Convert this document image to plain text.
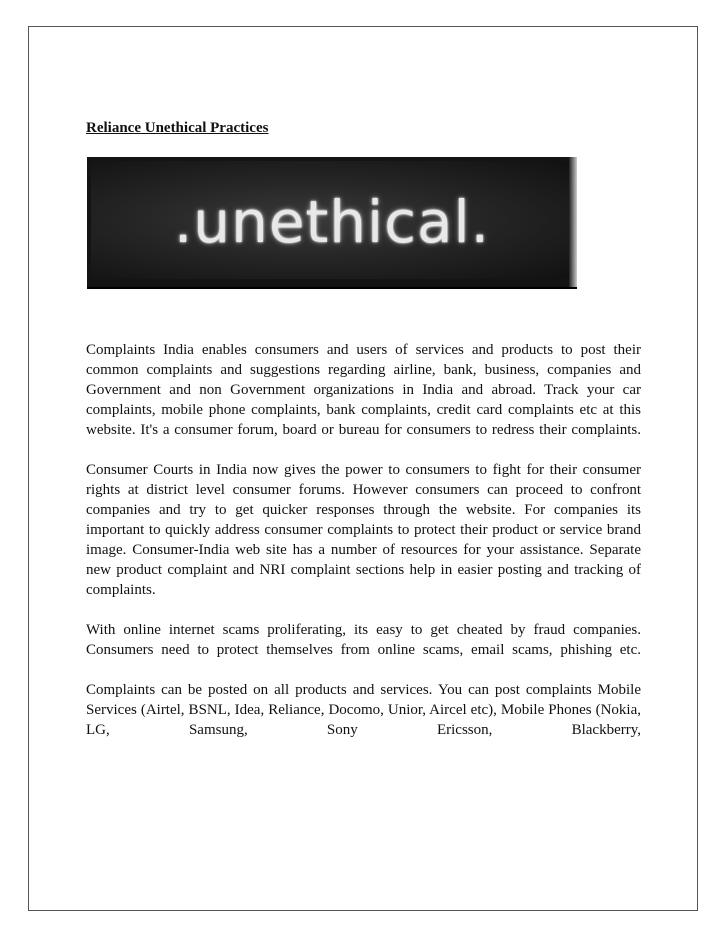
Reliance Unethical Practices
.unethical.

Complaints India enables consumers and users of services and products to post their common complaints and suggestions regarding airline, bank, business, companies and Government and non Government organizations in India and abroad. Track your car complaints, mobile phone complaints, bank complaints, credit card complaints etc at this website. It's a consumer forum, board or bureau for consumers to redress their complaints.

Consumer Courts in India now gives the power to consumers to fight for their consumer rights at district level consumer forums. However consumers can proceed to confront companies and try to get quicker responses through the website. For companies its important to quickly address consumer complaints to protect their product or service brand image. Consumer-India web site has a number of resources for your assistance. Separate new product complaint and NRI complaint sections help in easier posting and tracking of complaints.

With online internet scams proliferating, its easy to get cheated by fraud companies. Consumers need to protect themselves from online scams, email scams, phishing etc.

Complaints can be posted on all products and services. You can post complaints Mobile Services (Airtel, BSNL, Idea, Reliance, Docomo, Unior, Aircel etc), Mobile Phones (Nokia, LG, Samsung, Sony Ericsson, Blackberry,
